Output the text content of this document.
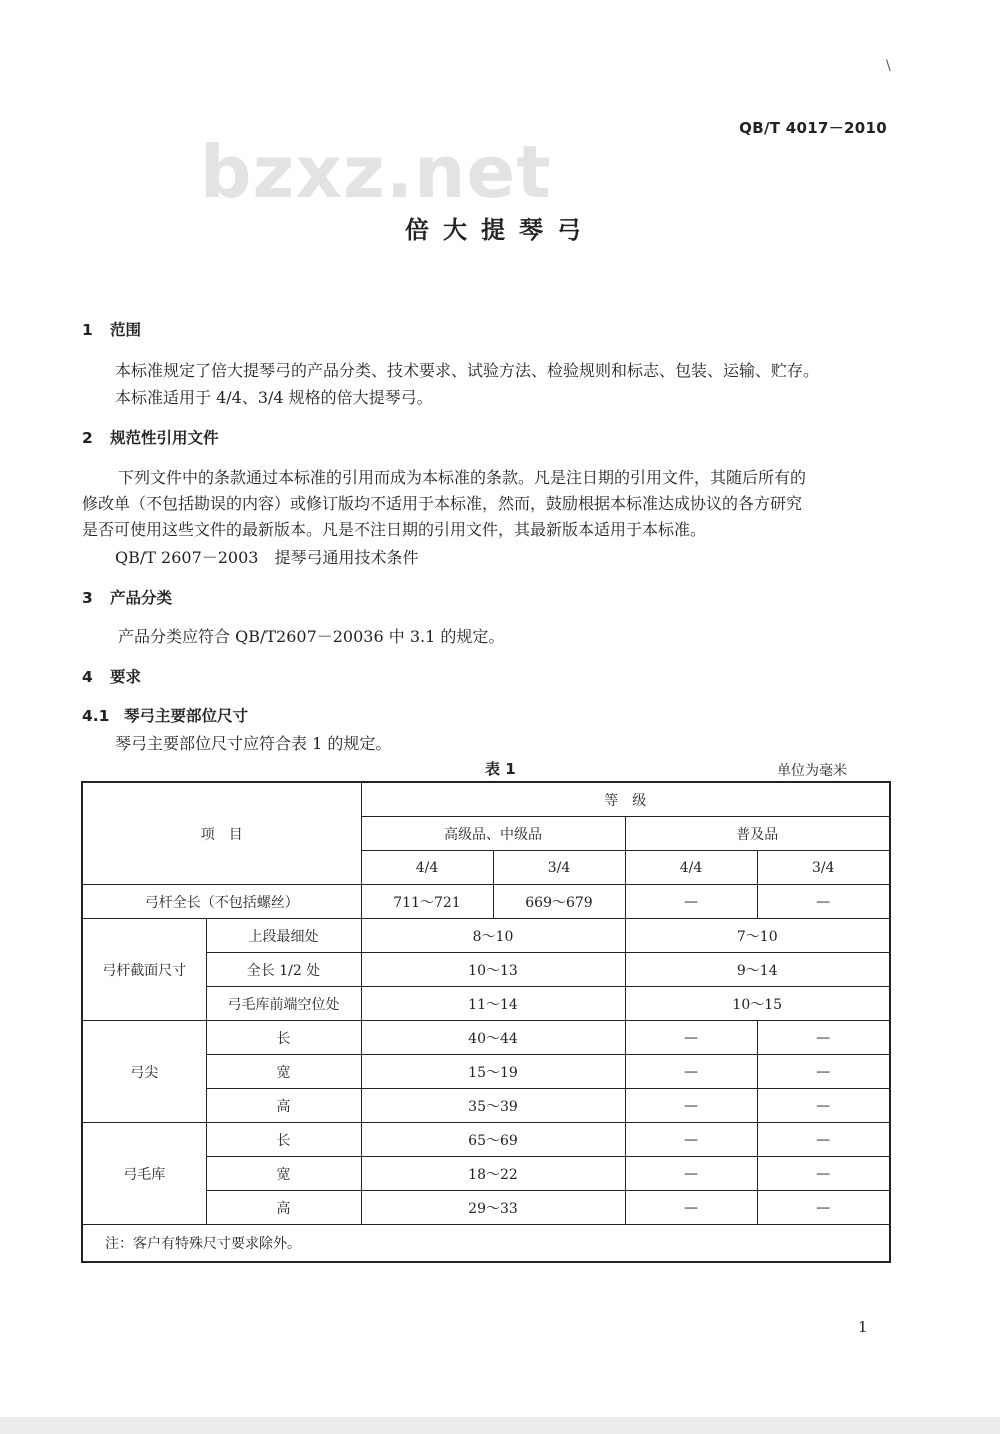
\
QB/T 4017－2010
bzxz.net
倍大提琴弓
1 范围
本标准规定了倍大提琴弓的产品分类、技术要求、试验方法、检验规则和标志、包装、运输、贮存。
本标准适用于 4/4、3/4 规格的倍大提琴弓。
2 规范性引用文件
下列文件中的条款通过本标准的引用而成为本标准的条款。凡是注日期的引用文件，其随后所有的
修改单（不包括勘误的内容）或修订版均不适用于本标准，然而，鼓励根据本标准达成协议的各方研究
是否可使用这些文件的最新版本。凡是不注日期的引用文件，其最新版本适用于本标准。
QB/T 2607－2003　提琴弓通用技术条件
3 产品分类
产品分类应符合 QB/T2607－20036 中 3.1 的规定。
4 要求
4.1 琴弓主要部位尺寸
琴弓主要部位尺寸应符合表 1 的规定。
表 1	单位为毫米
项　目		等　级			
		高级品、中级品		普及品	
		4/4	3/4	4/4	3/4
弓杆全长（不包括螺丝）		711～721	669～679	—	—
弓杆截面尺寸	上段最细处	8～10		7～10	
	全长 1/2 处	10～13		9～14	
	弓毛库前端空位处	11～14		10～15	
弓尖	长	40～44		—	—
	宽	15～19		—	—
	高	35～39		—	—
弓毛库	长	65～69		—	—
	宽	18～22		—	—
	高	29～33		—	—
注：客户有特殊尺寸要求除外。					
1
